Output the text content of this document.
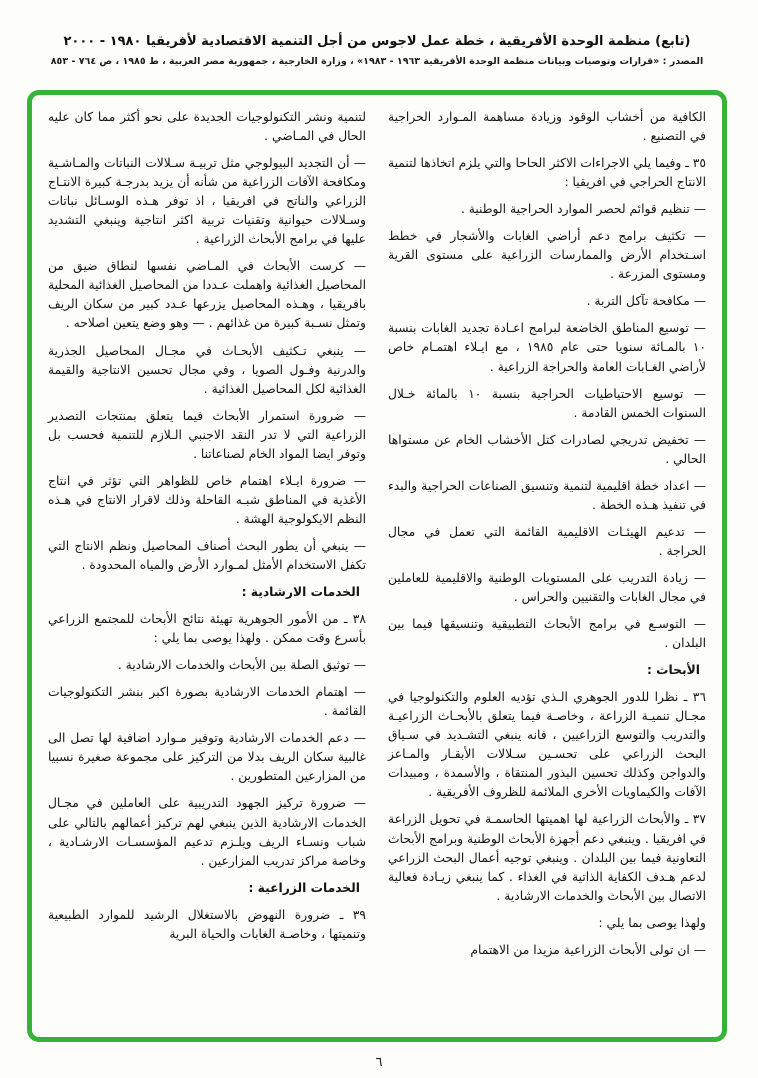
(تابع) منظمة الوحدة الأفريقية ، خطة عمل لاجوس من أجل التنمية الاقتصادية لأفريقيا ١٩٨٠ - ٢٠٠٠
المصدر : «قرارات وتوصيات وبيانات منظمة الوحدة الأفريقية ١٩٦٣ - ١٩٨٣» ، وزارة الخارجية ، جمهورية مصر العربية ، ط ١٩٨٥ ، ص ٧٦٤ - ٨٥٣

الكافية من أخشاب الوقود وزيادة مساهمة المـوارد الحراجية في التصنيع .

٣٥ ـ وفيما يلي الاجراءات الاكثر الحاحا والتي يلزم اتخاذها لتنمية الانتاج الحراجي في افريقيا :

— تنظيم قوائم لحصر الموارد الحراجية الوطنية .

— تكثيف برامج دعم أراضي الغابات والأشجار في خطط اسـتخدام الأرض والممارسات الزراعية على مستوى القرية ومستوى المزرعة .

— مكافحة تآكل التربة .

— توسيع المناطق الخاضعة لبرامج اعـادة تجديد الغابات بنسبة ١٠ بالمـائة سنويا حتى عام ١٩٨٥ ، مع ايـلاء اهتمـام خاص لأراضي الغـابات العامة والحراجة الزراعية .

— توسيع الاحتياطيات الحراجية بنسبة ١٠ بالمائة خـلال السنوات الخمس القادمة .

— تخفيض تدريجي لصادرات كتل الأخشاب الخام عن مستواها الحالي .

— اعداد خطة اقليمية لتنمية وتنسيق الصناعات الحراجية والبدء في تنفيذ هـذه الخطة .

— تدعيم الهيئـات الاقليمية القائمة التي تعمل في مجال الحراجة .

— زيادة التدريب على المستويات الوطنية والاقليمية للعاملين في مجال الغابات والتقنيين والحراس .

— التوسـع في برامج الأبحاث التطبيقية وتنسيقها فيما بين البلدان .

الأبحاث :

٣٦ ـ نظرا للدور الجوهري الـذي تؤديه العلوم والتكنولوجيا في مجـال تنميـة الزراعة ، وخاصـة فيما يتعلق بالأبحـاث الزراعيـة والتدريب والتوسع الزراعيين ، فانه ينبغي التشـديد في سـياق البحث الزراعي على تحسـين سـلالات الأبقـار والمـاعز والدواجن وكذلك تحسين البذور المنتقاة ، والأسمدة ، ومبيدات الآفات والكيماويات الأخرى الملائمة للظروف الأفريقية .

٣٧ ـ والأبحاث الزراعية لها اهميتها الحاسمـة في تحويل الزراعة في افريقيا . وينبغي دعم أجهزة الأبحاث الوطنية وبرامج الأبحاث التعاونية فيما بين البلدان . وينبغي توجيه أعمال البحث الزراعي لدعم هـدف الكفاية الذاتية في الغذاء . كما ينبغي زيـادة فعالية الاتصال بين الأبحاث والخدمات الارشادية .

ولهذا يوصى بما يلي :

— ان تولى الأبحاث الزراعية مزيدا من الاهتمام

لتنمية ونشر التكنولوجيات الجديدة على نحو أكثر مما كان عليه الحال في المـاضي .

— أن التجديد البيولوجي مثل تربيـة سـلالات النباتات والمـاشـية ومكافحة الآفات الزراعية من شأنه أن يزيد بدرجـة كبيرة الانتـاج الزراعي والناتج في افريقيا ، اذ توفر هـذه الوسـائل نباتات وسـلالات حيوانية وتقنيات تربية اكثر انتاجية وينبغي التشديد عليها في برامج الأبحاث الزراعية .

— كرست الأبحاث في المـاضي نفسها لنطاق ضيق من المحاصيل الغذائية واهملت عـددا من المحاصيل الغذائية المحلية بافريقيا ، وهـذه المحاصيل يزرعها عـدد كبير من سكان الريف وتمثل نسـبة كبيرة من غذائهم . — وهو وضع يتعين اصلاحه .

— ينبغي تـكثيف الأبحـاث في مجـال المحاصيل الجذرية والدرنية وفـول الصويا ، وفي مجال تحسين الانتاجية والقيمة الغذائية لكل المحاصيل الغذائية .

— ضرورة استمرار الأبحاث فيما يتعلق بمنتجات التصدير الزراعية التي لا تدر النقد الاجنبي الـلازم للتنمية فحسب بل وتوفر ايضا المواد الخام لصناعاتنا .

— ضرورة ايـلاء اهتمام خاص للظواهر التي تؤثر في انتاج الأغذية في المناطق شبـه القاحلة وذلك لاقرار الانتاج في هـذه النظم الايكولوجية الهشة .

— ينبغي أن يطور البحث أصناف المحاصيل ونظم الانتاج التي تكفل الاستخدام الأمثل لمـوارد الأرض والمياه المحدودة .

الخدمات الارشادية :

٣٨ ـ من الأمور الجوهرية تهيئة نتائج الأبحاث للمجتمع الزراعي بأسرع وقت ممكن . ولهذا يوصى بما يلي :

— توثيق الصلة بين الأبحاث والخدمات الارشادية .

— اهتمام الخدمات الارشادية بصورة اكبر بنشر التكنولوجيات القائمة .

— دعم الخدمات الارشادية وتوفير مـوارد اضافية لها تصل الى غالبية سكان الريف بدلا من التركيز على مجموعة صغيرة نسبيا من المزارعين المتطورين .

— ضرورة تركيز الجهود التدريبية على العاملين في مجـال الخدمات الارشادية الذين ينبغي لهم تركيز أعمالهم بالتالي على شباب ونسـاء الريف ويلـزم تدعيم المؤسسـات الارشـادية ، وخاصة مراكز تدريب المزارعين .

الخدمات الزراعية :

٣٩ ـ ضرورة النهوض بالاستغلال الرشيد للموارد الطبيعية وتنميتها ، وخاصـة الغابات والحياة البرية

٦
